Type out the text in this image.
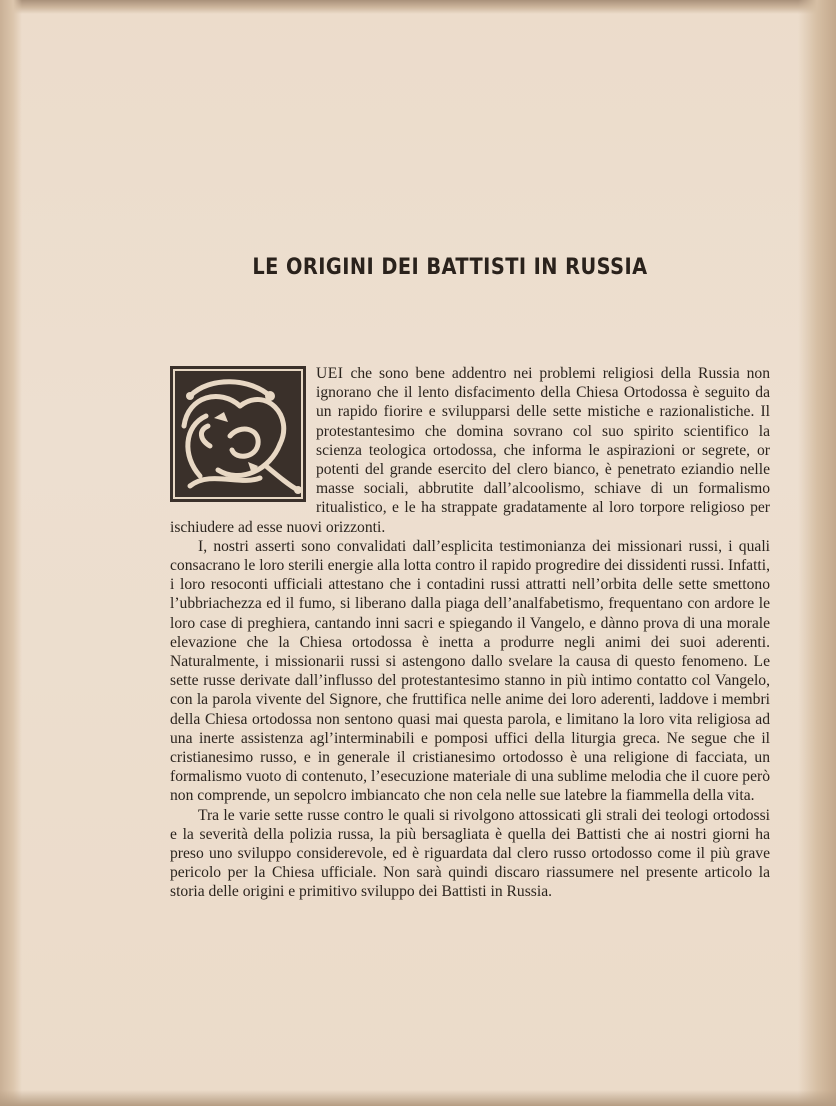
LE ORIGINI DEI BATTISTI IN RUSSIA

UEI che sono bene addentro nei problemi religiosi della Russia non ignorano che il lento disfacimento della Chiesa Ortodossa è seguito da un rapido fiorire e svilupparsi delle sette mistiche e razionalistiche. Il protestantesimo che domina sovrano col suo spirito scientifico la scienza teologica ortodossa, che informa le aspirazioni or segrete, or potenti del grande esercito del clero bianco, è penetrato eziandio nelle masse sociali, abbrutite dall’alcoolismo, schiave di un formalismo ritualistico, e le ha strappate gradatamente al loro torpore religioso per ischiudere ad esse nuovi orizzonti.

I, nostri asserti sono convalidati dall’esplicita testimonianza dei missionari russi, i quali consacrano le loro sterili energie alla lotta contro il rapido progredire dei dissidenti russi. Infatti, i loro resoconti ufficiali attestano che i contadini russi attratti nell’orbita delle sette smettono l’ubbriachezza ed il fumo, si liberano dalla piaga dell’analfabetismo, frequentano con ardore le loro case di preghiera, cantando inni sacri e spiegando il Vangelo, e dànno prova di una morale elevazione che la Chiesa ortodossa è inetta a produrre negli animi dei suoi aderenti. Naturalmente, i missionarii russi si astengono dallo svelare la causa di questo fenomeno. Le sette russe derivate dall’influsso del protestantesimo stanno in più intimo contatto col Vangelo, con la parola vivente del Signore, che fruttifica nelle anime dei loro aderenti, laddove i membri della Chiesa ortodossa non sentono quasi mai questa parola, e limitano la loro vita religiosa ad una inerte assistenza agl’interminabili e pomposi uffici della liturgia greca. Ne segue che il cristianesimo russo, e in generale il cristianesimo ortodosso è una religione di facciata, un formalismo vuoto di contenuto, l’esecuzione materiale di una sublime melodia che il cuore però non comprende, un sepolcro imbiancato che non cela nelle sue latebre la fiammella della vita.

Tra le varie sette russe contro le quali si rivolgono attossicati gli strali dei teologi ortodossi e la severità della polizia russa, la più bersagliata è quella dei Battisti che ai nostri giorni ha preso uno sviluppo considerevole, ed è riguardata dal clero russo ortodosso come il più grave pericolo per la Chiesa ufficiale. Non sarà quindi discaro riassumere nel presente articolo la storia delle origini e primitivo sviluppo dei Battisti in Russia.
